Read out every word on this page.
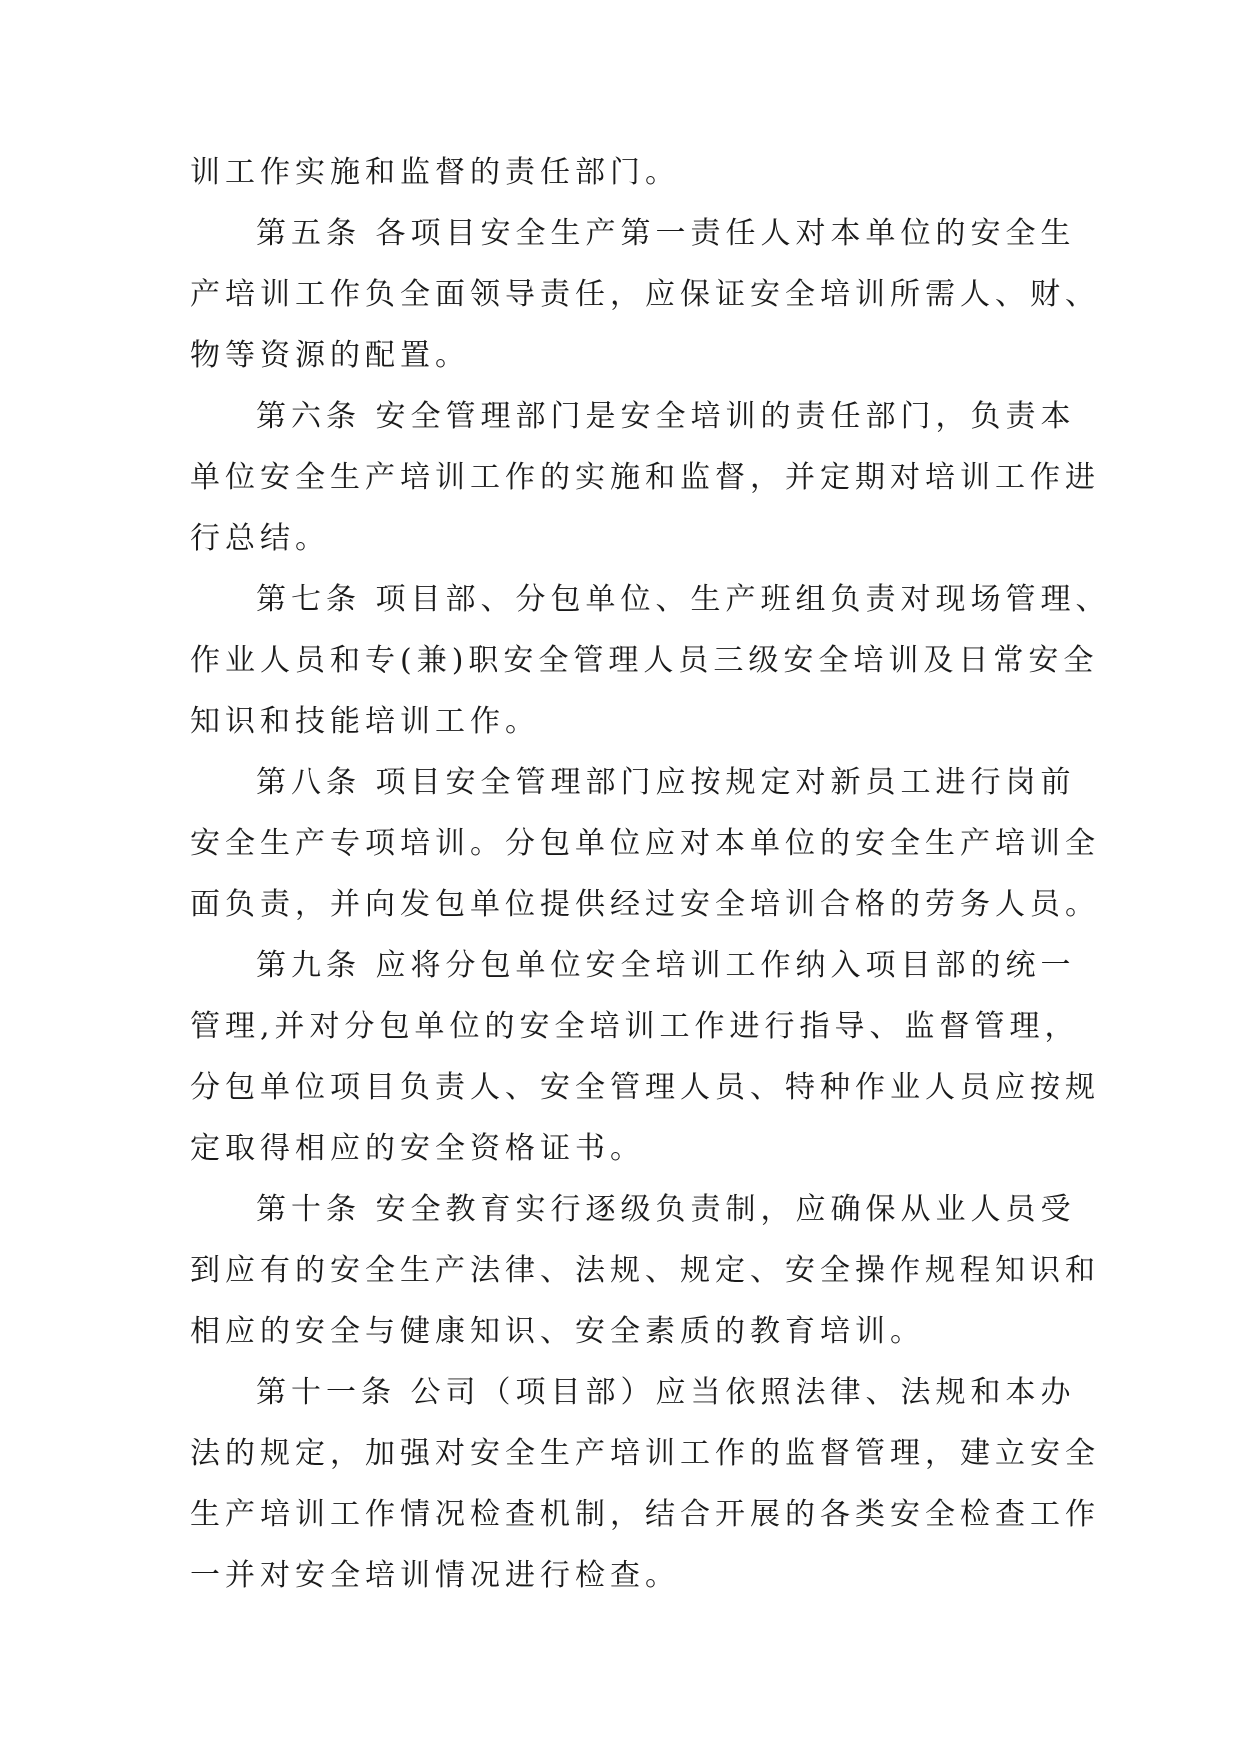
训工作实施和监督的责任部门。
第五条 各项目安全生产第一责任人对本单位的安全生
产培训工作负全面领导责任，应保证安全培训所需人、财、
物等资源的配置。
第六条 安全管理部门是安全培训的责任部门，负责本
单位安全生产培训工作的实施和监督，并定期对培训工作进
行总结。
第七条 项目部、分包单位、生产班组负责对现场管理、
作业人员和专(兼)职安全管理人员三级安全培训及日常安全
知识和技能培训工作。
第八条 项目安全管理部门应按规定对新员工进行岗前
安全生产专项培训。分包单位应对本单位的安全生产培训全
面负责，并向发包单位提供经过安全培训合格的劳务人员。
第九条 应将分包单位安全培训工作纳入项目部的统一
管理,并对分包单位的安全培训工作进行指导、监督管理，
分包单位项目负责人、安全管理人员、特种作业人员应按规
定取得相应的安全资格证书。
第十条 安全教育实行逐级负责制，应确保从业人员受
到应有的安全生产法律、法规、规定、安全操作规程知识和
相应的安全与健康知识、安全素质的教育培训。
第十一条 公司（项目部）应当依照法律、法规和本办
法的规定，加强对安全生产培训工作的监督管理，建立安全
生产培训工作情况检查机制，结合开展的各类安全检查工作
一并对安全培训情况进行检查。
